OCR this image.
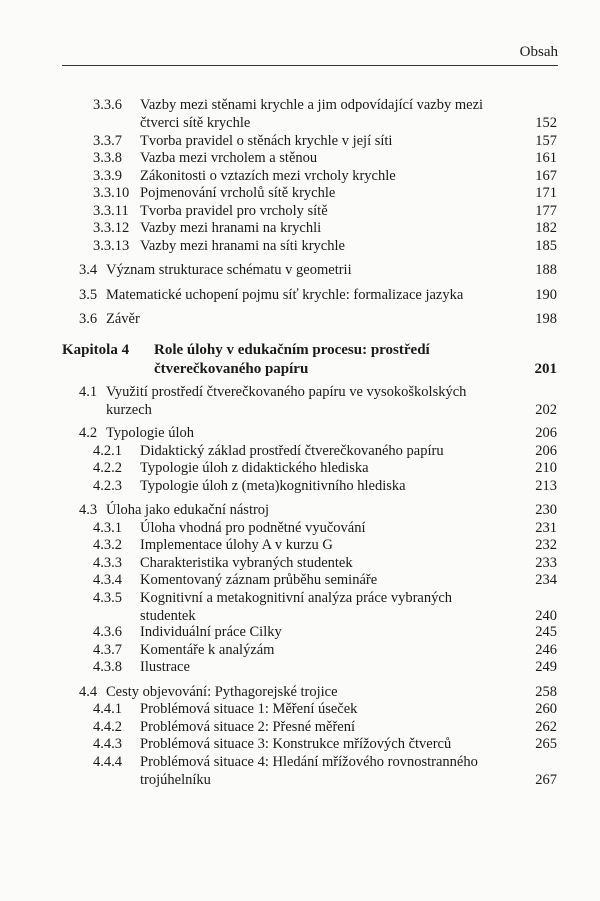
Obsah
3.3.6 Vazby mezi stěnami krychle a jim odpovídající vazby mezi
čtverci sítě krychle	152
3.3.7 Tvorba pravidel o stěnách krychle v její síti	157
3.3.8 Vazba mezi vrcholem a stěnou	161
3.3.9 Zákonitosti o vztazích mezi vrcholy krychle	167
3.3.10 Pojmenování vrcholů sítě krychle	171
3.3.11 Tvorba pravidel pro vrcholy sítě	177
3.3.12 Vazby mezi hranami na krychli	182
3.3.13 Vazby mezi hranami na síti krychle	185
3.4 Význam strukturace schématu v geometrii	188
3.5 Matematické uchopení pojmu síť krychle: formalizace jazyka	190
3.6 Závěr	198
Kapitola 4 Role úlohy v edukačním procesu: prostředí
čtverečkovaného papíru	201
4.1 Využití prostředí čtverečkovaného papíru ve vysokoškolských
kurzech	202
4.2 Typologie úloh	206
4.2.1 Didaktický základ prostředí čtverečkovaného papíru	206
4.2.2 Typologie úloh z didaktického hlediska	210
4.2.3 Typologie úloh z (meta)kognitivního hlediska	213
4.3 Úloha jako edukační nástroj	230
4.3.1 Úloha vhodná pro podnětné vyučování	231
4.3.2 Implementace úlohy A v kurzu G	232
4.3.3 Charakteristika vybraných studentek	233
4.3.4 Komentovaný záznam průběhu semináře	234
4.3.5 Kognitivní a metakognitivní analýza práce vybraných
studentek	240
4.3.6 Individuální práce Cilky	245
4.3.7 Komentáře k analýzám	246
4.3.8 Ilustrace	249
4.4 Cesty objevování: Pythagorejské trojice	258
4.4.1 Problémová situace 1: Měření úseček	260
4.4.2 Problémová situace 2: Přesné měření	262
4.4.3 Problémová situace 3: Konstrukce mřížových čtverců	265
4.4.4 Problémová situace 4: Hledání mřížového rovnostranného
trojúhelníku	267
